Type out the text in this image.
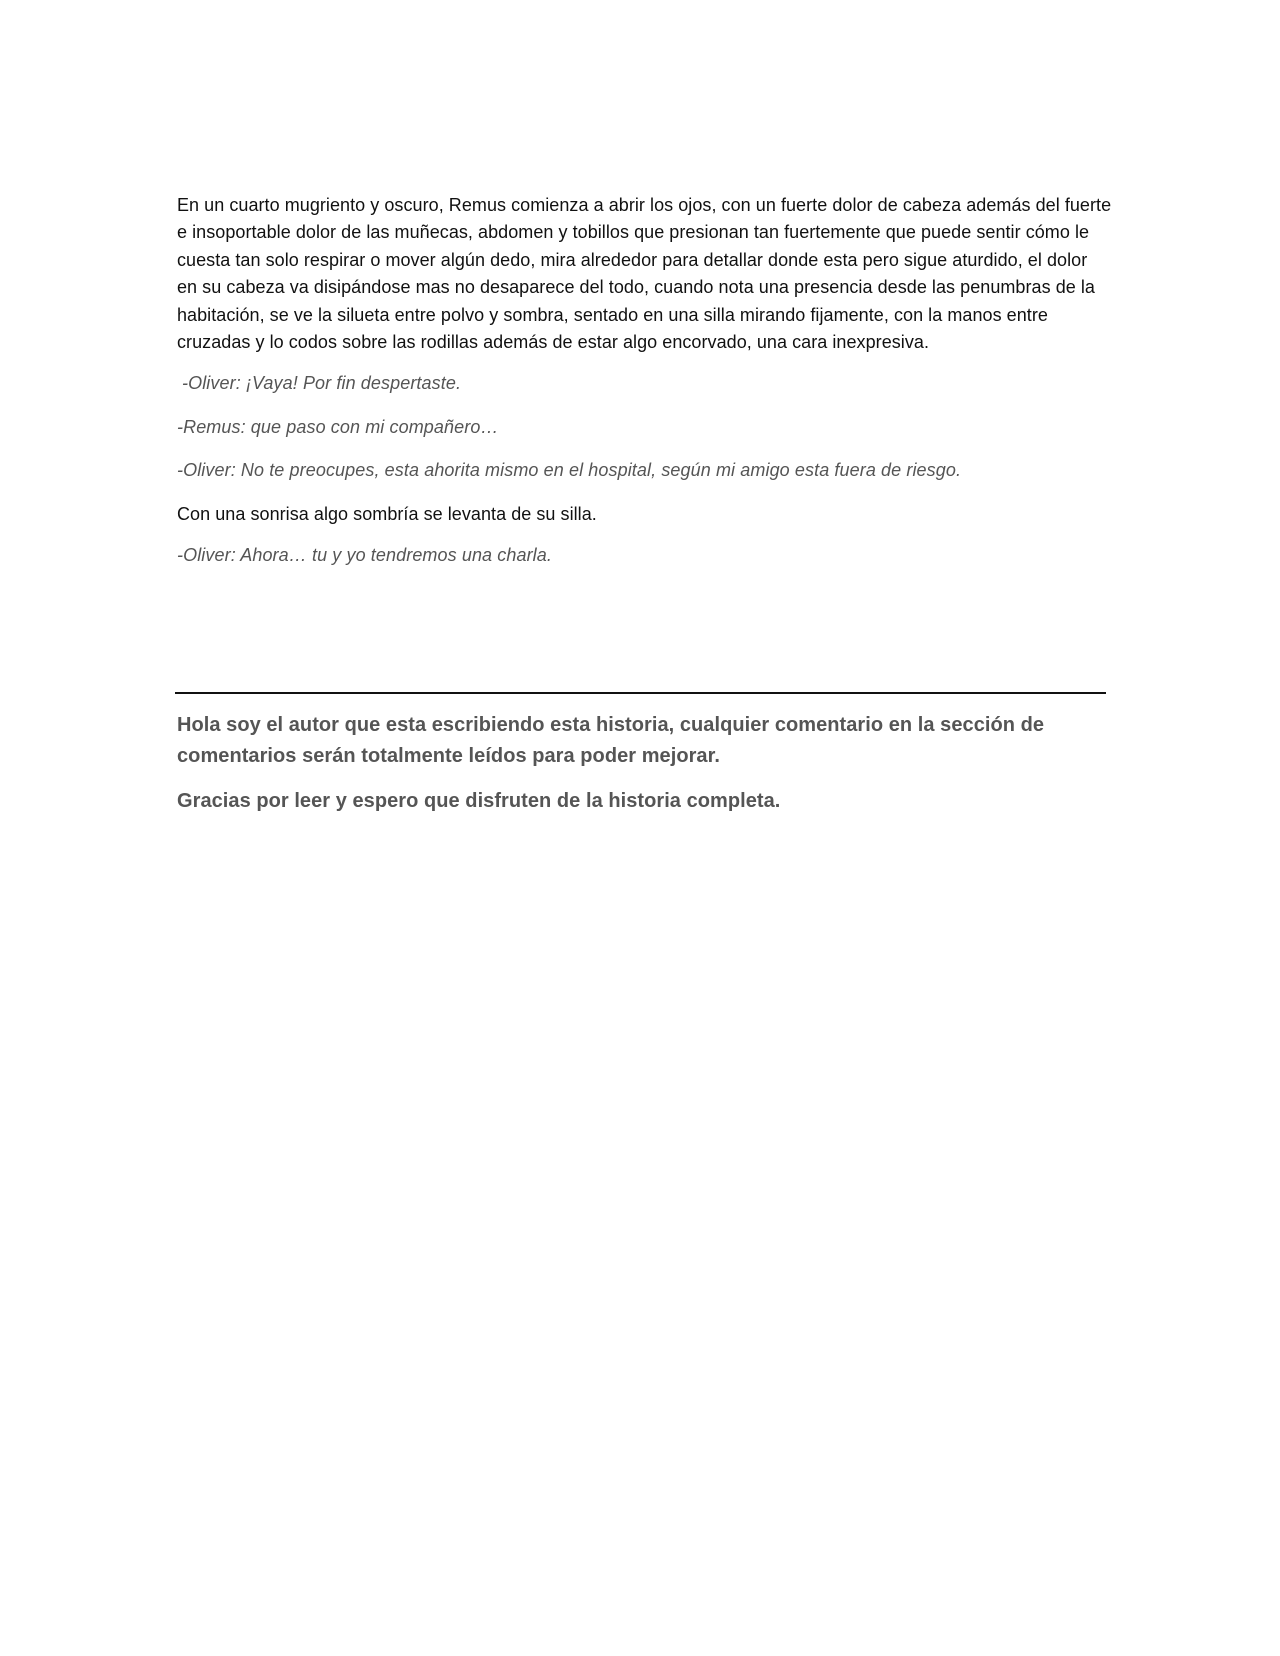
En un cuarto mugriento y oscuro, Remus comienza a abrir los ojos, con un fuerte dolor de cabeza además del fuerte e insoportable dolor de las muñecas, abdomen y tobillos que presionan tan fuertemente que puede sentir cómo le cuesta tan solo respirar o mover algún dedo, mira alrededor para detallar donde esta pero sigue aturdido, el dolor en su cabeza va disipándose mas no desaparece del todo, cuando nota una presencia desde las penumbras de la habitación, se ve la silueta entre polvo y sombra, sentado en una silla mirando fijamente, con la manos entre cruzadas y lo codos sobre las rodillas además de estar algo encorvado, una cara inexpresiva.

-Oliver: ¡Vaya! Por fin despertaste.

-Remus: que paso con mi compañero…

-Oliver: No te preocupes, esta ahorita mismo en el hospital, según mi amigo esta fuera de riesgo.

Con una sonrisa algo sombría se levanta de su silla.

-Oliver: Ahora… tu y yo tendremos una charla.

Hola soy el autor que esta escribiendo esta historia, cualquier comentario en la sección de comentarios serán totalmente leídos para poder mejorar.

Gracias por leer y espero que disfruten de la historia completa.
